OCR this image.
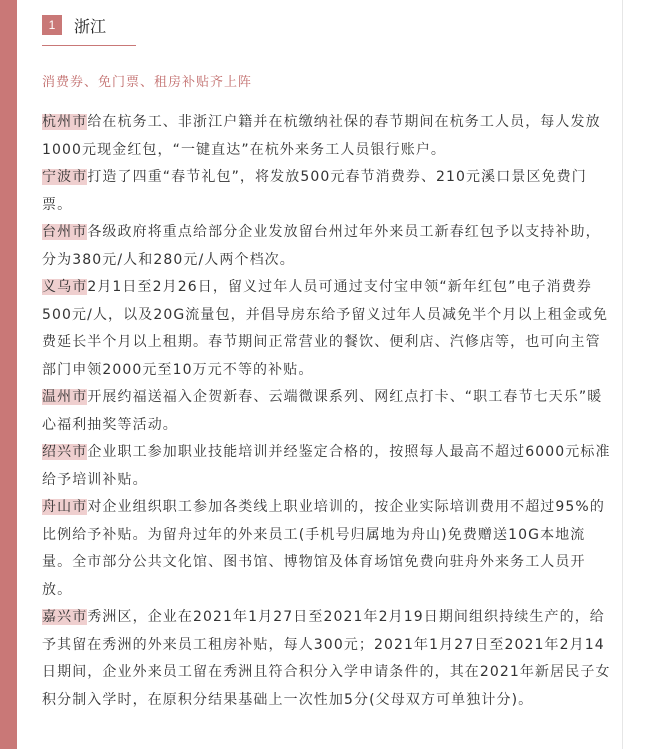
1	浙江
消费券、免门票、租房补贴齐上阵

杭州市给在杭务工、非浙江户籍并在杭缴纳社保的春节期间在杭务工人员，每人发放1000元现金红包，“一键直达”在杭外来务工人员银行账户。

宁波市打造了四重“春节礼包”，将发放500元春节消费券、210元溪口景区免费门票。

台州市各级政府将重点给部分企业发放留台州过年外来员工新春红包予以支持补助，分为380元/人和280元/人两个档次。

义乌市2月1日至2月26日，留义过年人员可通过支付宝申领“新年红包”电子消费券500元/人，以及20G流量包，并倡导房东给予留义过年人员减免半个月以上租金或免费延长半个月以上租期。春节期间正常营业的餐饮、便利店、汽修店等，也可向主管部门申领2000元至10万元不等的补贴。

温州市开展约福送福入企贺新春、云端微课系列、网红点打卡、“职工春节七天乐”暖心福利抽奖等活动。

绍兴市企业职工参加职业技能培训并经鉴定合格的，按照每人最高不超过6000元标准给予培训补贴。

舟山市对企业组织职工参加各类线上职业培训的，按企业实际培训费用不超过95%的比例给予补贴。为留舟过年的外来员工(手机号归属地为舟山)免费赠送10G本地流量。全市部分公共文化馆、图书馆、博物馆及体育场馆免费向驻舟外来务工人员开放。

嘉兴市秀洲区，企业在2021年1月27日至2021年2月19日期间组织持续生产的，给予其留在秀洲的外来员工租房补贴，每人300元；2021年1月27日至2021年2月14日期间，企业外来员工留在秀洲且符合积分入学申请条件的，其在2021年新居民子女积分制入学时，在原积分结果基础上一次性加5分(父母双方可单独计分)。
